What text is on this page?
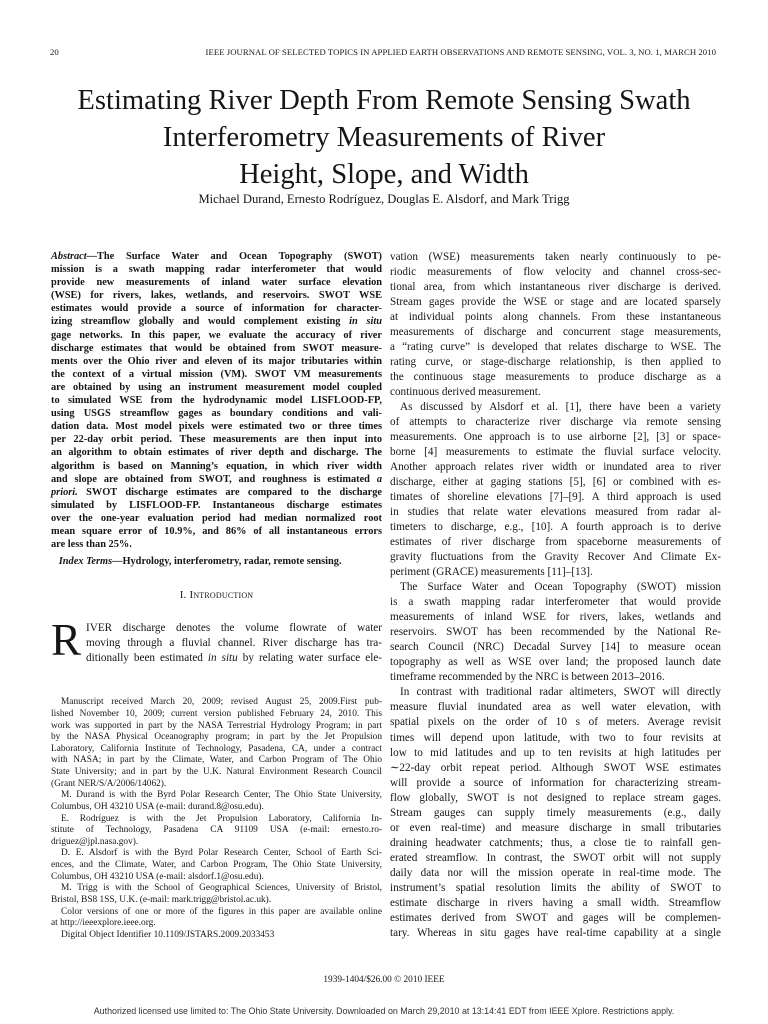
20	IEEE JOURNAL OF SELECTED TOPICS IN APPLIED EARTH OBSERVATIONS AND REMOTE SENSING, VOL. 3, NO. 1, MARCH 2010
Estimating River Depth From Remote Sensing Swath
Interferometry Measurements of River
Height, Slope, and Width
Michael Durand, Ernesto Rodríguez, Douglas E. Alsdorf, and Mark Trigg
Abstract—The Surface Water and Ocean Topography (SWOT)
mission is a swath mapping radar interferometer that would
provide new measurements of inland water surface elevation
(WSE) for rivers, lakes, wetlands, and reservoirs. SWOT WSE
estimates would provide a source of information for character-
izing streamflow globally and would complement existing in situ
gage networks. In this paper, we evaluate the accuracy of river
discharge estimates that would be obtained from SWOT measure-
ments over the Ohio river and eleven of its major tributaries within
the context of a virtual mission (VM). SWOT VM measurements
are obtained by using an instrument measurement model coupled
to simulated WSE from the hydrodynamic model LISFLOOD-FP,
using USGS streamflow gages as boundary conditions and vali-
dation data. Most model pixels were estimated two or three times
per 22-day orbit period. These measurements are then input into
an algorithm to obtain estimates of river depth and discharge. The
algorithm is based on Manning’s equation, in which river width
and slope are obtained from SWOT, and roughness is estimated a
priori. SWOT discharge estimates are compared to the discharge
simulated by LISFLOOD-FP. Instantaneous discharge estimates
over the one-year evaluation period had median normalized root
mean square error of 10.9%, and 86% of all instantaneous errors
are less than 25%.
Index Terms—Hydrology, interferometry, radar, remote sensing.
I. Introduction
R IVER discharge denotes the volume flowrate of water
moving through a fluvial channel. River discharge has tra-
ditionally been estimated in situ by relating water surface ele-
Manuscript received March 20, 2009; revised August 25, 2009.First pub-
lished November 10, 2009; current version published February 24, 2010. This
work was supported in part by the NASA Terrestrial Hydrology Program; in part
by the NASA Physical Oceanography program; in part by the Jet Propulsion
Laboratory, California Institute of Technology, Pasadena, CA, under a contract
with NASA; in part by the Climate, Water, and Carbon Program of The Ohio
State University; and in part by the U.K. Natural Environment Research Council
(Grant NER/S/A/2006/14062).
M. Durand is with the Byrd Polar Research Center, The Ohio State University,
Columbus, OH 43210 USA (e-mail: durand.8@osu.edu).
E. Rodríguez is with the Jet Propulsion Laboratory, California In-
stitute of Technology, Pasadena CA 91109 USA (e-mail: ernesto.ro-
driguez@jpl.nasa.gov).
D. E. Alsdorf is with the Byrd Polar Research Center, School of Earth Sci-
ences, and the Climate, Water, and Carbon Program, The Ohio State University,
Columbus, OH 43210 USA (e-mail: alsdorf.1@osu.edu).
M. Trigg is with the School of Geographical Sciences, University of Bristol,
Bristol, BS8 1SS, U.K. (e-mail: mark.trigg@bristol.ac.uk).
Color versions of one or more of the figures in this paper are available online
at http://ieeexplore.ieee.org.
Digital Object Identifier 10.1109/JSTARS.2009.2033453
vation (WSE) measurements taken nearly continuously to pe-
riodic measurements of flow velocity and channel cross-sec-
tional area, from which instantaneous river discharge is derived.
Stream gages provide the WSE or stage and are located sparsely
at individual points along channels. From these instantaneous
measurements of discharge and concurrent stage measurements,
a “rating curve” is developed that relates discharge to WSE. The
rating curve, or stage-discharge relationship, is then applied to
the continuous stage measurements to produce discharge as a
continuous derived measurement.
As discussed by Alsdorf et al. [1], there have been a variety
of attempts to characterize river discharge via remote sensing
measurements. One approach is to use airborne [2], [3] or space-
borne [4] measurements to estimate the fluvial surface velocity.
Another approach relates river width or inundated area to river
discharge, either at gaging stations [5], [6] or combined with es-
timates of shoreline elevations [7]–[9]. A third approach is used
in studies that relate water elevations measured from radar al-
timeters to discharge, e.g., [10]. A fourth approach is to derive
estimates of river discharge from spaceborne measurements of
gravity fluctuations from the Gravity Recover And Climate Ex-
periment (GRACE) measurements [11]–[13].
The Surface Water and Ocean Topography (SWOT) mission
is a swath mapping radar interferometer that would provide
measurements of inland WSE for rivers, lakes, wetlands and
reservoirs. SWOT has been recommended by the National Re-
search Council (NRC) Decadal Survey [14] to measure ocean
topography as well as WSE over land; the proposed launch date
timeframe recommended by the NRC is between 2013–2016.
In contrast with traditional radar altimeters, SWOT will directly
measure fluvial inundated area as well water elevation, with
spatial pixels on the order of 10 s of meters. Average revisit
times will depend upon latitude, with two to four revisits at
low to mid latitudes and up to ten revisits at high latitudes per
∼22-day orbit repeat period. Although SWOT WSE estimates
will provide a source of information for characterizing stream-
flow globally, SWOT is not designed to replace stream gages.
Stream gauges can supply timely measurements (e.g., daily
or even real-time) and measure discharge in small tributaries
draining headwater catchments; thus, a close tie to rainfall gen-
erated streamflow. In contrast, the SWOT orbit will not supply
daily data nor will the mission operate in real-time mode. The
instrument’s spatial resolution limits the ability of SWOT to
estimate discharge in rivers having a small width. Streamflow
estimates derived from SWOT and gages will be complemen-
tary. Whereas in situ gages have real-time capability at a single
1939-1404/$26.00 © 2010 IEEE
Authorized licensed use limited to: The Ohio State University. Downloaded on March 29,2010 at 13:14:41 EDT from IEEE Xplore. Restrictions apply.
